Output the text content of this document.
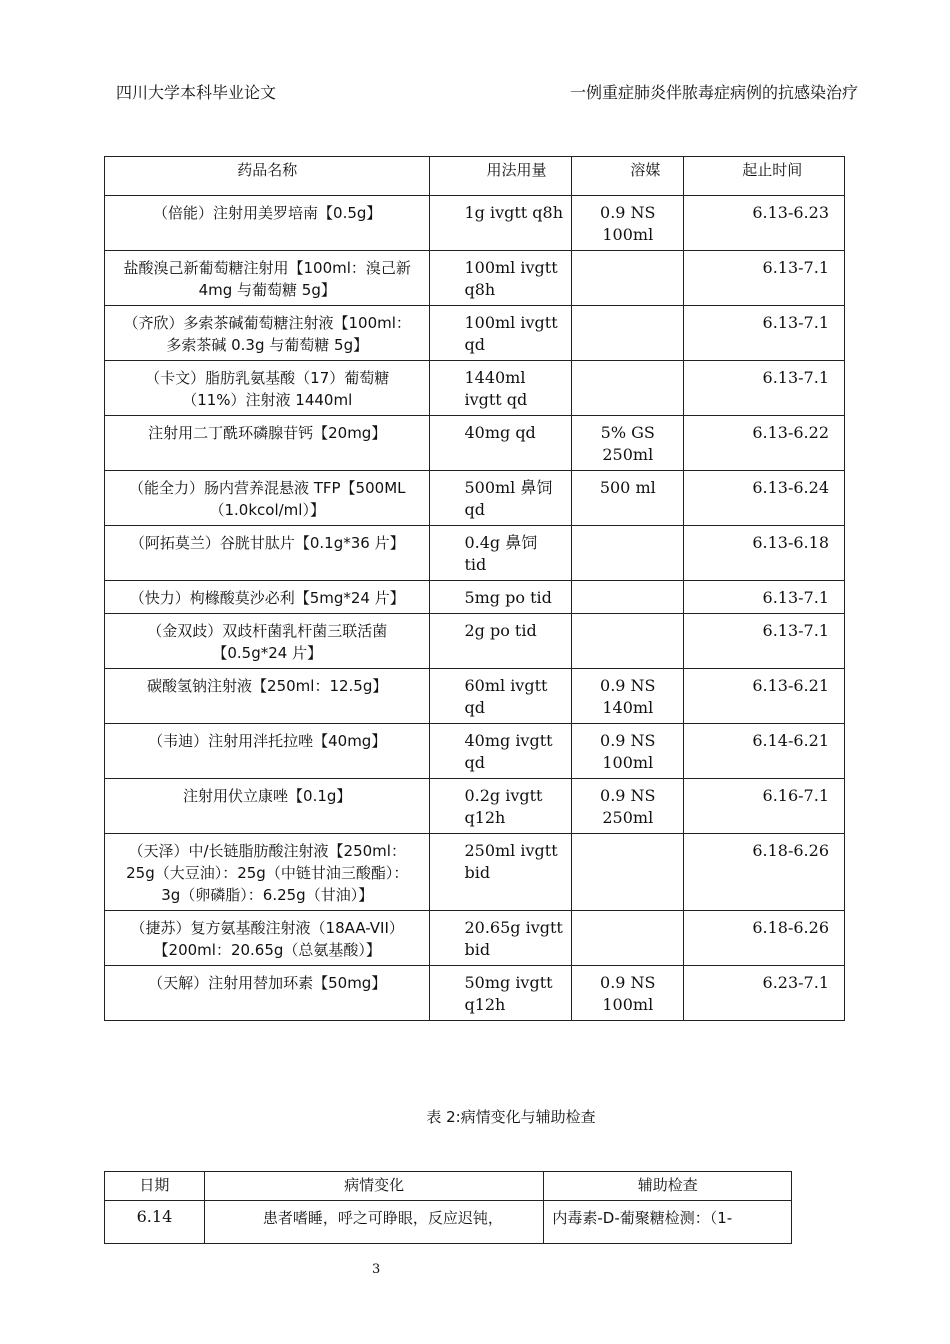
四川大学本科毕业论文	一例重症肺炎伴脓毒症病例的抗感染治疗
药品名称	用法用量	溶媒	起止时间
（倍能）注射用美罗培南【0.5g】	1g ivgtt q8h	0.9 NS 100ml	6.13-6.23
盐酸溴己新葡萄糖注射用【100ml：溴己新 4mg 与葡萄糖 5g】	100ml ivgtt q8h		6.13-7.1
（齐欣）多索茶碱葡萄糖注射液【100ml：多索茶碱 0.3g 与葡萄糖 5g】	100ml ivgtt qd		6.13-7.1
（卡文）脂肪乳氨基酸（17）葡萄糖（11%）注射液 1440ml	1440ml ivgtt qd		6.13-7.1
注射用二丁酰环磷腺苷钙【20mg】	40mg qd	5% GS 250ml	6.13-6.22
（能全力）肠内营养混悬液 TFP【500ML（1.0kcol/ml）】	500ml 鼻饲 qd	500 ml	6.13-6.24
（阿拓莫兰）谷胱甘肽片【0.1g*36 片】	0.4g 鼻饲 tid		6.13-6.18
（快力）枸橼酸莫沙必利【5mg*24 片】	5mg po tid		6.13-7.1
（金双歧）双歧杆菌乳杆菌三联活菌【0.5g*24 片】	2g po tid		6.13-7.1
碳酸氢钠注射液【250ml：12.5g】	60ml ivgtt qd	0.9 NS 140ml	6.13-6.21
（韦迪）注射用泮托拉唑【40mg】	40mg ivgtt qd	0.9 NS 100ml	6.14-6.21
注射用伏立康唑【0.1g】	0.2g ivgtt q12h	0.9 NS 250ml	6.16-7.1
（天泽）中/长链脂肪酸注射液【250ml：25g（大豆油）：25g（中链甘油三酸酯）：3g（卵磷脂）：6.25g（甘油）】	250ml ivgtt bid		6.18-6.26
（捷苏）复方氨基酸注射液（18AA-VII）【200ml：20.65g（总氨基酸）】	20.65g ivgtt bid		6.18-6.26
（天解）注射用替加环素【50mg】	50mg ivgtt q12h	0.9 NS 100ml	6.23-7.1
表 2:病情变化与辅助检查
日期	病情变化	辅助检查
6.14	患者嗜睡，呼之可睁眼，反应迟钝，	内毒素-D-葡聚糖检测：（1-
3
